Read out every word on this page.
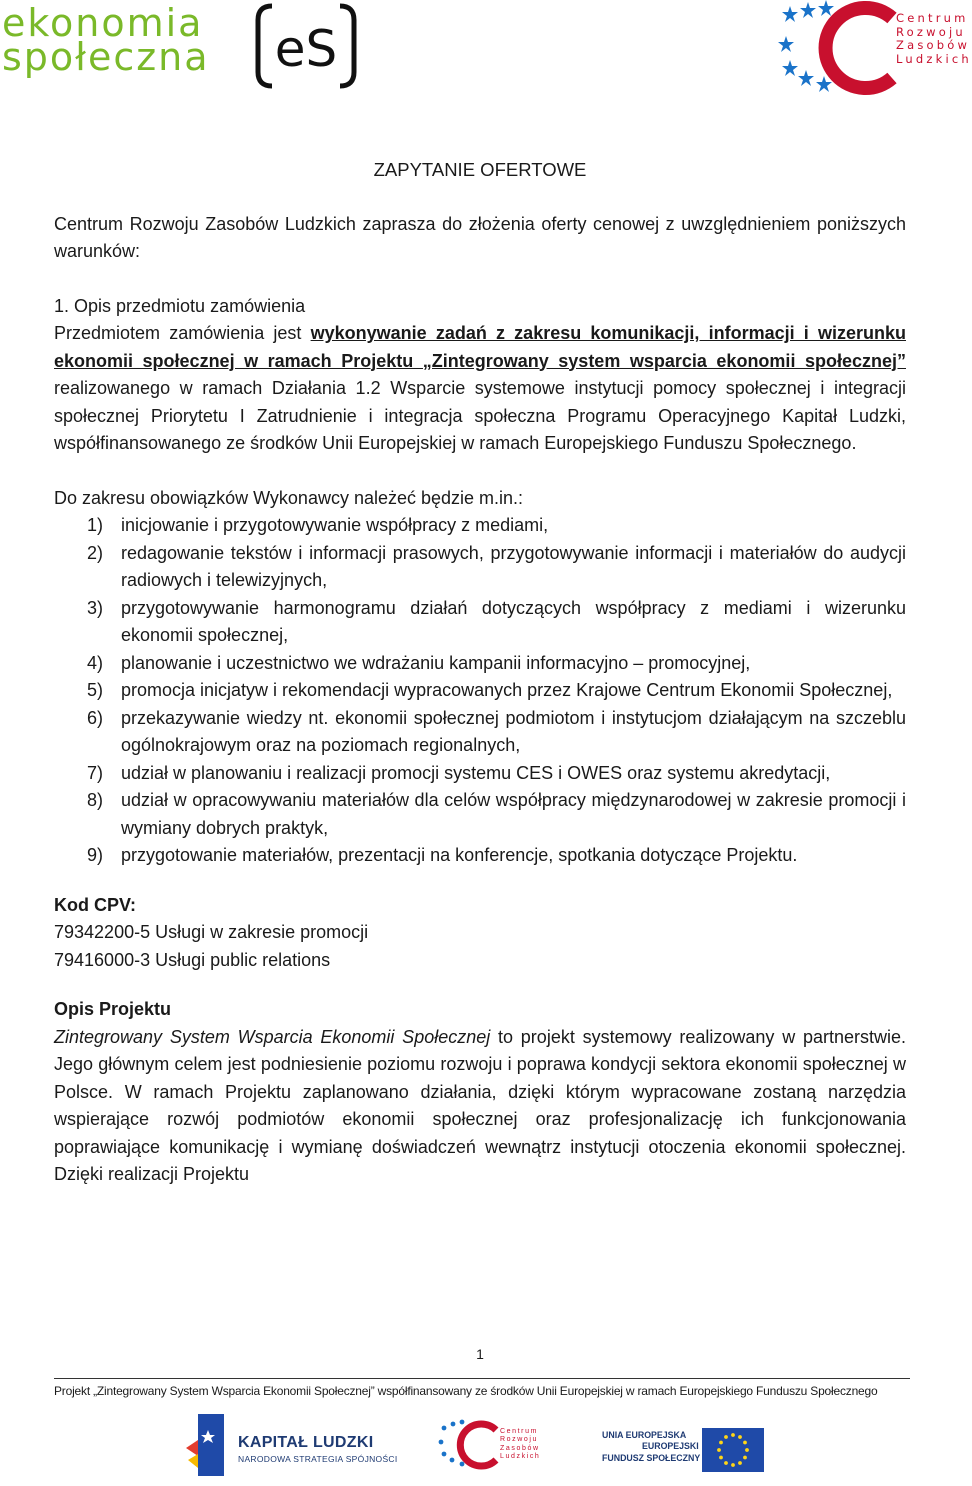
ekonomia
społeczna eS
Centrum
Rozwoju
Zasobów
Ludzkich

ZAPYTANIE OFERTOWE

Centrum Rozwoju Zasobów Ludzkich zaprasza do złożenia oferty cenowej z uwzględnieniem poniższych warunków:

1. Opis przedmiotu zamówienia

Przedmiotem zamówienia jest wykonywanie zadań z zakresu komunikacji, informacji i wizerunku ekonomii społecznej w ramach Projektu „Zintegrowany system wsparcia ekonomii społecznej” realizowanego w ramach Działania 1.2 Wsparcie systemowe instytucji pomocy społecznej i integracji społecznej Priorytetu I Zatrudnienie i integracja społeczna Programu Operacyjnego Kapitał Ludzki, współfinansowanego ze środków Unii Europejskiej w ramach Europejskiego Funduszu Społecznego.

Do zakresu obowiązków Wykonawcy należeć będzie m.in.:

1) inicjowanie i przygotowywanie współpracy z mediami,
2) redagowanie tekstów i informacji prasowych, przygotowywanie informacji i materiałów do audycji radiowych i telewizyjnych,
3) przygotowywanie harmonogramu działań dotyczących współpracy z mediami i wizerunku ekonomii społecznej,
4) planowanie i uczestnictwo we wdrażaniu kampanii informacyjno – promocyjnej,
5) promocja inicjatyw i rekomendacji wypracowanych przez Krajowe Centrum Ekonomii Społecznej,
6) przekazywanie wiedzy nt. ekonomii społecznej podmiotom i instytucjom działającym na szczeblu ogólnokrajowym oraz na poziomach regionalnych,
7) udział w planowaniu i realizacji promocji systemu CES i OWES oraz systemu akredytacji,
8) udział w opracowywaniu materiałów dla celów współpracy międzynarodowej w zakresie promocji i wymiany dobrych praktyk,
9) przygotowanie materiałów, prezentacji na konferencje, spotkania dotyczące Projektu.

Kod CPV:

79342200-5 Usługi w zakresie promocji

79416000-3 Usługi public relations

Opis Projektu

Zintegrowany System Wsparcia Ekonomii Społecznej to projekt systemowy realizowany w partnerstwie. Jego głównym celem jest podniesienie poziomu rozwoju i poprawa kondycji sektora ekonomii społecznej w Polsce. W ramach Projektu zaplanowano działania, dzięki którym wypracowane zostaną narzędzia wspierające rozwój podmiotów ekonomii społecznej oraz profesjonalizację ich funkcjonowania poprawiające komunikację i wymianę doświadczeń wewnątrz instytucji otoczenia ekonomii społecznej. Dzięki realizacji Projektu

1
Projekt „Zintegrowany System Wsparcia Ekonomii Społecznej” współfinansowany ze środków Unii Europejskiej w ramach Europejskiego Funduszu Społecznego
KAPITAŁ LUDZKI
NARODOWA STRATEGIA SPÓJNOŚCI
Centrum
Rozwoju
Zasobów
Ludzkich
UNIA EUROPEJSKA
EUROPEJSKI
FUNDUSZ SPOŁECZNY
